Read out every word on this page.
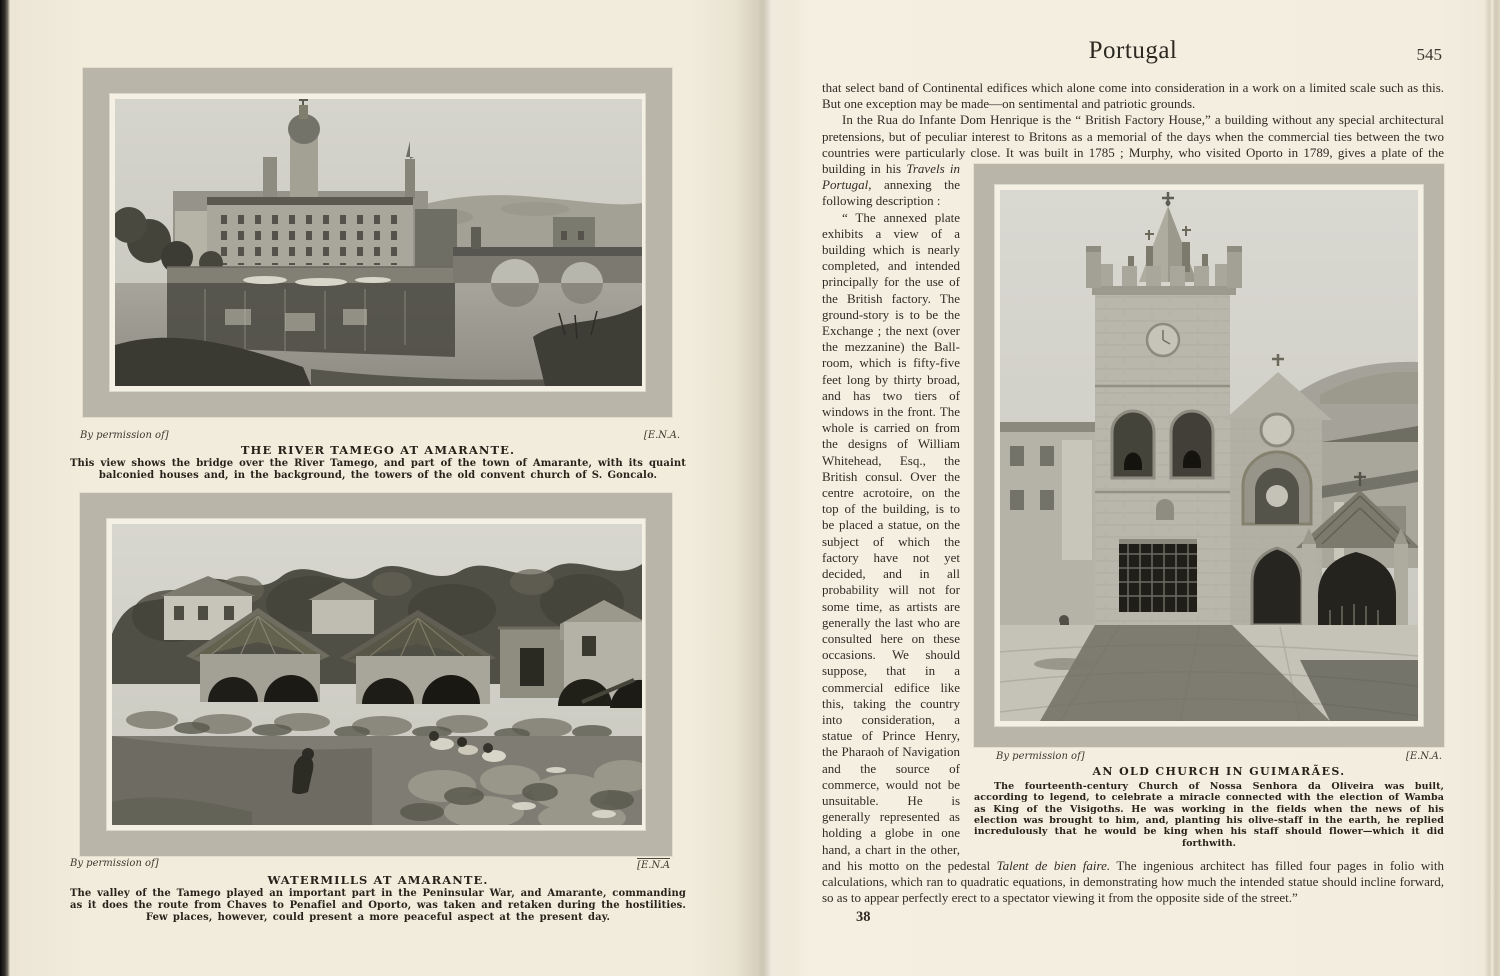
By permission of]	[E.N.A.
THE RIVER TAMEGO AT AMARANTE.
This view shows the bridge over the River Tamego, and part of the town of Amarante, with its quaint balconied houses and, in the background, the towers of the old convent church of S. Goncalo.
By permission of]	[E.N.A
WATERMILLS AT AMARANTE.
The valley of the Tamego played an important part in the Peninsular War, and Amarante, commanding as it does the route from Chaves to Penafiel and Oporto, was taken and retaken during the hostilities. Few places, however, could present a more peaceful aspect at the present day.
Portugal	545

that select band of Continental edifices which alone come into consideration in a work on a limited scale such as this. But one exception may be made—on sentimental and patriotic grounds.

In the Rua do Infante Dom Henrique is the “ British Factory House,” a building without any special architectural pretensions, but of peculiar interest to Britons as a memorial of the days when the commercial ties between the two countries were particularly close. It was built in 1785 ; Murphy, who
By permission of]	[E.N.A.
AN OLD CHURCH IN GUIMARÃES.
The fourteenth-century Church of Nossa Senhora da Oliveira was built, according to legend, to celebrate a miracle connected with the election of Wamba as King of the Visigoths. He was working in the fields when the news of his election was brought to him, and, planting his olive-staff in the earth, he replied incredulously that he would be king when his staff should flower—which it did forthwith.
visited Oporto in 1789, gives a plate of the building in his Travels in Portugal, annexing the following description :

“ The annexed plate exhibits a view of a building which is nearly completed, and intended principally for the use of the British factory. The ground-story is to be the Exchange ; the next (over the mezzanine) the Ball-room, which is fifty-five feet long by thirty broad, and has two tiers of windows in the front. The whole is carried on from the designs of William Whitehead, Esq., the British consul. Over the centre acrotoire, on the top of the building, is to be placed a statue, on the subject of which the factory have not yet decided, and in all probability will not for some time, as artists are generally the last who are consulted here on these occasions. We should suppose, that in a commercial edifice like this, taking the country into consideration, a statue of Prince Henry, the Pharaoh of Navigation and the source of commerce, would not be unsuitable. He is generally represented as holding a globe in one hand, a chart in the other, and his motto on the pedestal Talent de bien faire. The ingenious architect has filled four pages in folio with calculations, which ran to quadratic equations, in demonstrating how much the intended statue should incline forward, so as to appear perfectly erect to a spectator viewing it from the opposite side of the street.”

38
